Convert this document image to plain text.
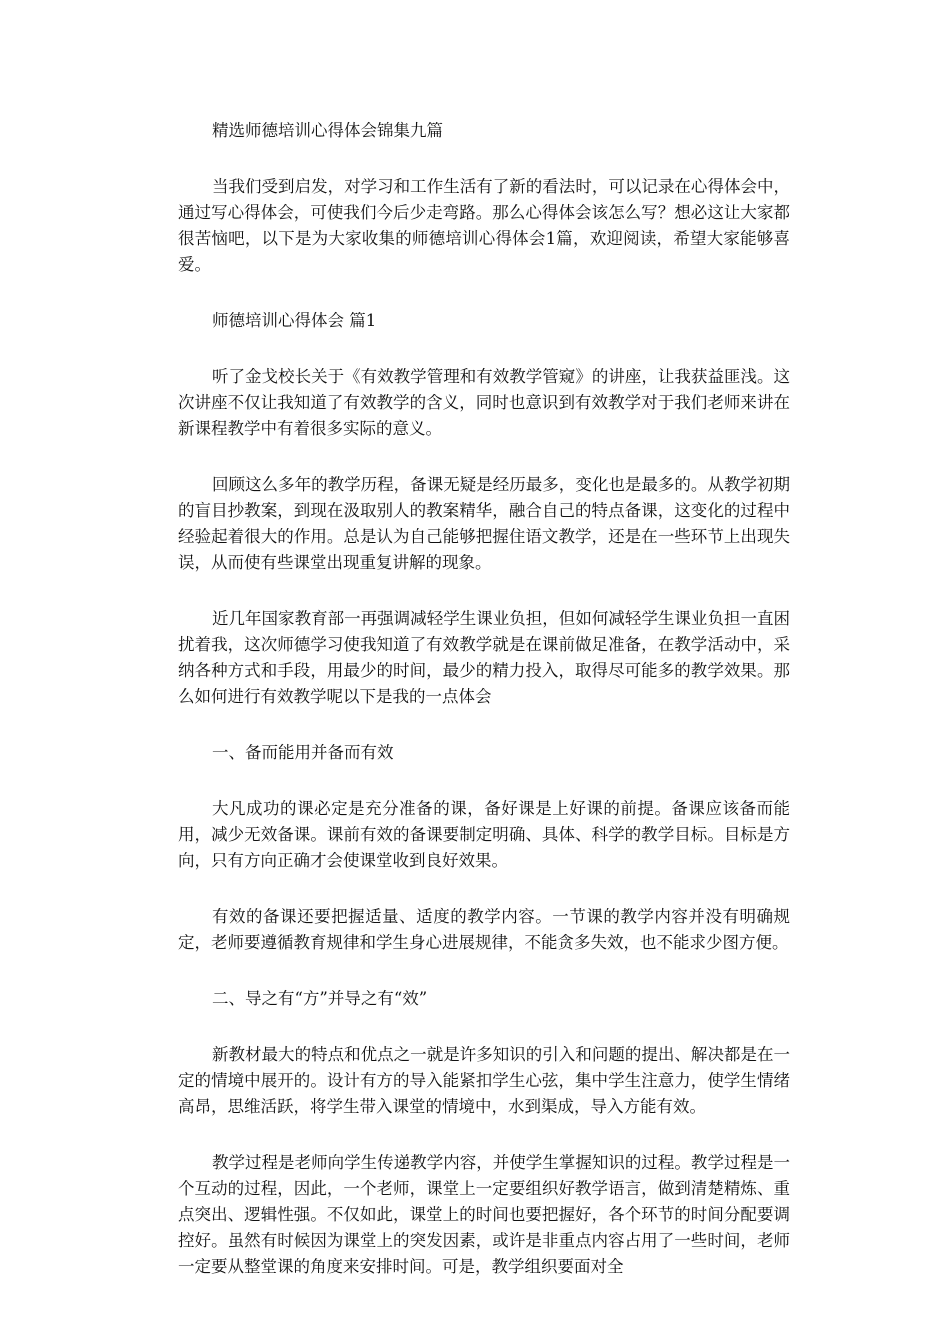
精选师德培训心得体会锦集九篇

当我们受到启发，对学习和工作生活有了新的看法时，可以记录在心得体会中，通过写心得体会，可使我们今后少走弯路。那么心得体会该怎么写？想必这让大家都很苦恼吧，以下是为大家收集的师德培训心得体会1篇，欢迎阅读，希望大家能够喜爱。

师德培训心得体会 篇1

听了金戈校长关于《有效教学管理和有效教学管窥》的讲座，让我获益匪浅。这次讲座不仅让我知道了有效教学的含义，同时也意识到有效教学对于我们老师来讲在新课程教学中有着很多实际的意义。

回顾这么多年的教学历程，备课无疑是经历最多，变化也是最多的。从教学初期的盲目抄教案，到现在汲取别人的教案精华，融合自己的特点备课，这变化的过程中经验起着很大的作用。总是认为自己能够把握住语文教学，还是在一些环节上出现失误，从而使有些课堂出现重复讲解的现象。

近几年国家教育部一再强调减轻学生课业负担，但如何减轻学生课业负担一直困扰着我，这次师德学习使我知道了有效教学就是在课前做足准备，在教学活动中，采纳各种方式和手段，用最少的时间，最少的精力投入，取得尽可能多的教学效果。那么如何进行有效教学呢以下是我的一点体会

一、备而能用并备而有效

大凡成功的课必定是充分准备的课，备好课是上好课的前提。备课应该备而能用，减少无效备课。课前有效的备课要制定明确、具体、科学的教学目标。目标是方向，只有方向正确才会使课堂收到良好效果。

有效的备课还要把握适量、适度的教学内容。一节课的教学内容并没有明确规定，老师要遵循教育规律和学生身心进展规律，不能贪多失效，也不能求少图方便。

二、导之有“方”并导之有“效”

新教材最大的特点和优点之一就是许多知识的引入和问题的提出、解决都是在一定的情境中展开的。设计有方的导入能紧扣学生心弦，集中学生注意力，使学生情绪高昂，思维活跃，将学生带入课堂的情境中，水到渠成，导入方能有效。

教学过程是老师向学生传递教学内容，并使学生掌握知识的过程。教学过程是一个互动的过程，因此，一个老师，课堂上一定要组织好教学语言，做到清楚精炼、重点突出、逻辑性强。不仅如此，课堂上的时间也要把握好，各个环节的时间分配要调控好。虽然有时候因为课堂上的突发因素，或许是非重点内容占用了一些时间，老师一定要从整堂课的角度来安排时间。可是，教学组织要面对全
